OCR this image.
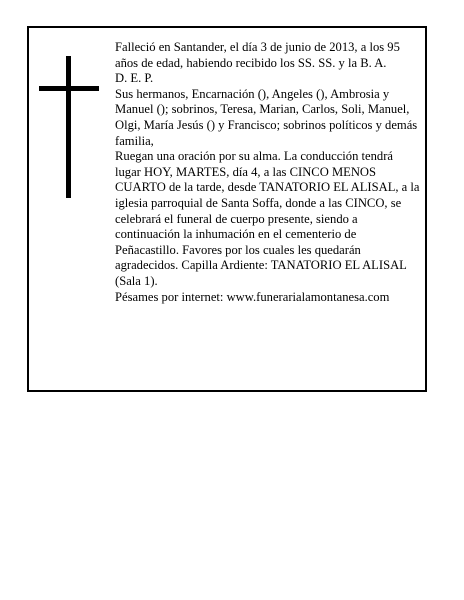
Falleció en Santander, el día 3 de junio de 2013, a los 95 años de edad, habiendo recibido los SS. SS. y la B. A.

D. E. P.

Sus hermanos, Encarnación (), Angeles (), Ambrosia y Manuel (); sobrinos, Teresa, Marian, Carlos, Soli, Manuel, Olgi, María Jesús () y Francisco; sobrinos políticos y demás familia,

Ruegan una oración por su alma. La conducción tendrá lugar HOY, MARTES, día 4, a las CINCO MENOS CUARTO de la tarde, desde TANATORIO EL ALISAL, a la iglesia parroquial de Santa Soffa, donde a las CINCO, se celebrará el funeral de cuerpo presente, siendo a continuación la inhumación en el cementerio de Peñacastillo. Favores por los cuales les quedarán agradecidos. Capilla Ardiente: TANATORIO EL ALISAL (Sala 1).

Pésames por internet: www.funerarialamontanesa.com
